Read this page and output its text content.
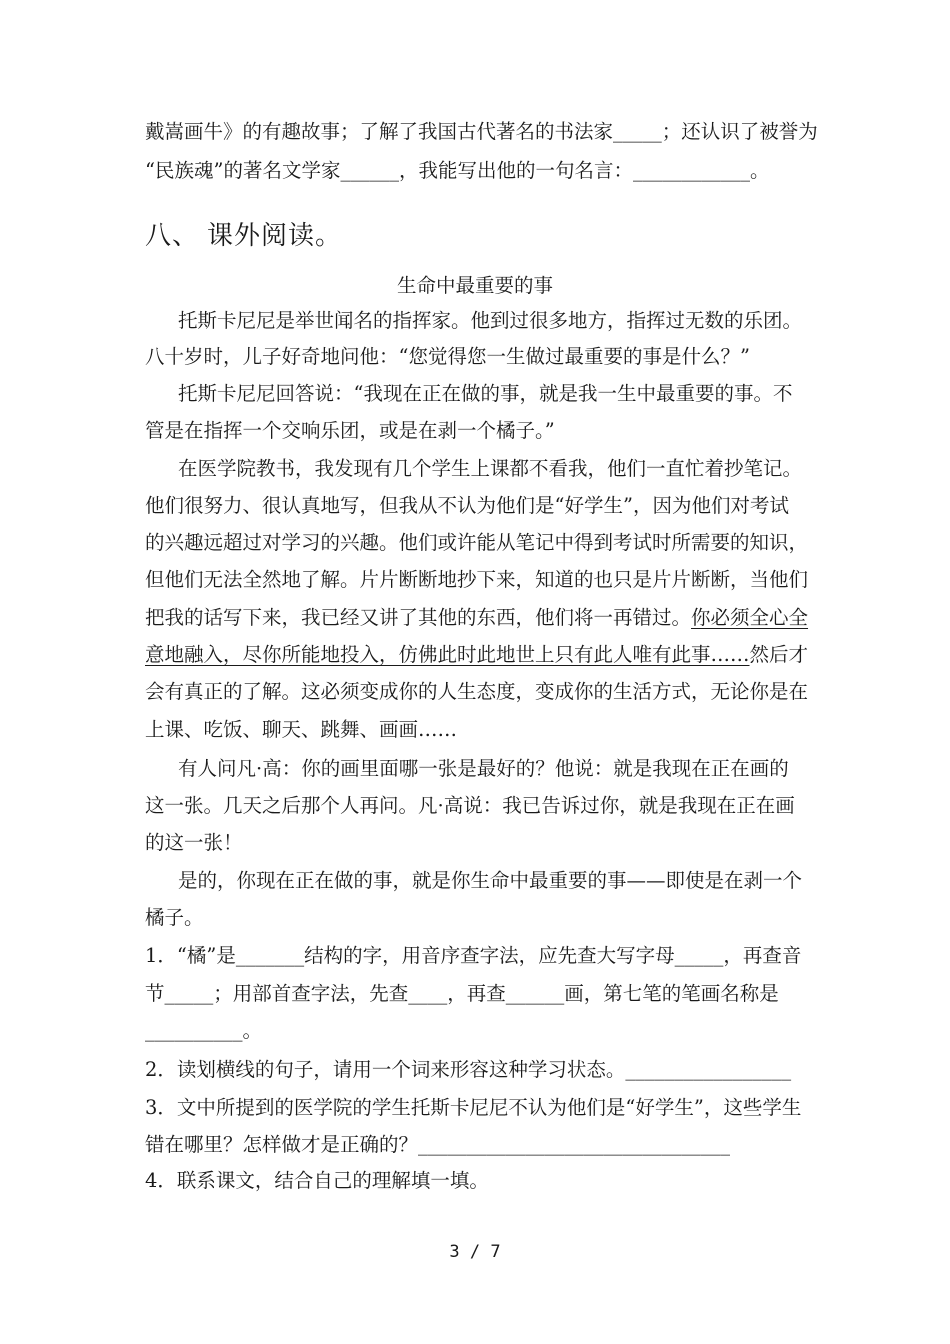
戴嵩画牛》的有趣故事；了解了我国古代著名的书法家_____；还认识了被誉为
“民族魂”的著名文学家______，我能写出他的一句名言：____________。
八、 课外阅读。
生命中最重要的事
托斯卡尼尼是举世闻名的指挥家。他到过很多地方，指挥过无数的乐团。
八十岁时，儿子好奇地问他：“您觉得您一生做过最重要的事是什么？”
托斯卡尼尼回答说：“我现在正在做的事，就是我一生中最重要的事。不
管是在指挥一个交响乐团，或是在剥一个橘子。”
在医学院教书，我发现有几个学生上课都不看我，他们一直忙着抄笔记。
他们很努力、很认真地写，但我从不认为他们是“好学生”，因为他们对考试
的兴趣远超过对学习的兴趣。他们或许能从笔记中得到考试时所需要的知识，
但他们无法全然地了解。片片断断地抄下来，知道的也只是片片断断，当他们
把我的话写下来，我已经又讲了其他的东西，他们将一再错过。你必须全心全
意地融入，尽你所能地投入，仿佛此时此地世上只有此人唯有此事……然后才
会有真正的了解。这必须变成你的人生态度，变成你的生活方式，无论你是在
上课、吃饭、聊天、跳舞、画画……
有人问凡·高：你的画里面哪一张是最好的？他说：就是我现在正在画的
这一张。几天之后那个人再问。凡·高说：我已告诉过你，就是我现在正在画
的这一张！
是的，你现在正在做的事，就是你生命中最重要的事——即使是在剥一个
橘子。
1．“橘”是_______结构的字，用音序查字法，应先查大写字母_____，再查音
节_____；用部首查字法，先查____，再查______画，第七笔的笔画名称是
__________。
2．读划横线的句子，请用一个词来形容这种学习状态。_________________
3．文中所提到的医学院的学生托斯卡尼尼不认为他们是“好学生”，这些学生
错在哪里？怎样做才是正确的？________________________________
4．联系课文，结合自己的理解填一填。
3 / 7
